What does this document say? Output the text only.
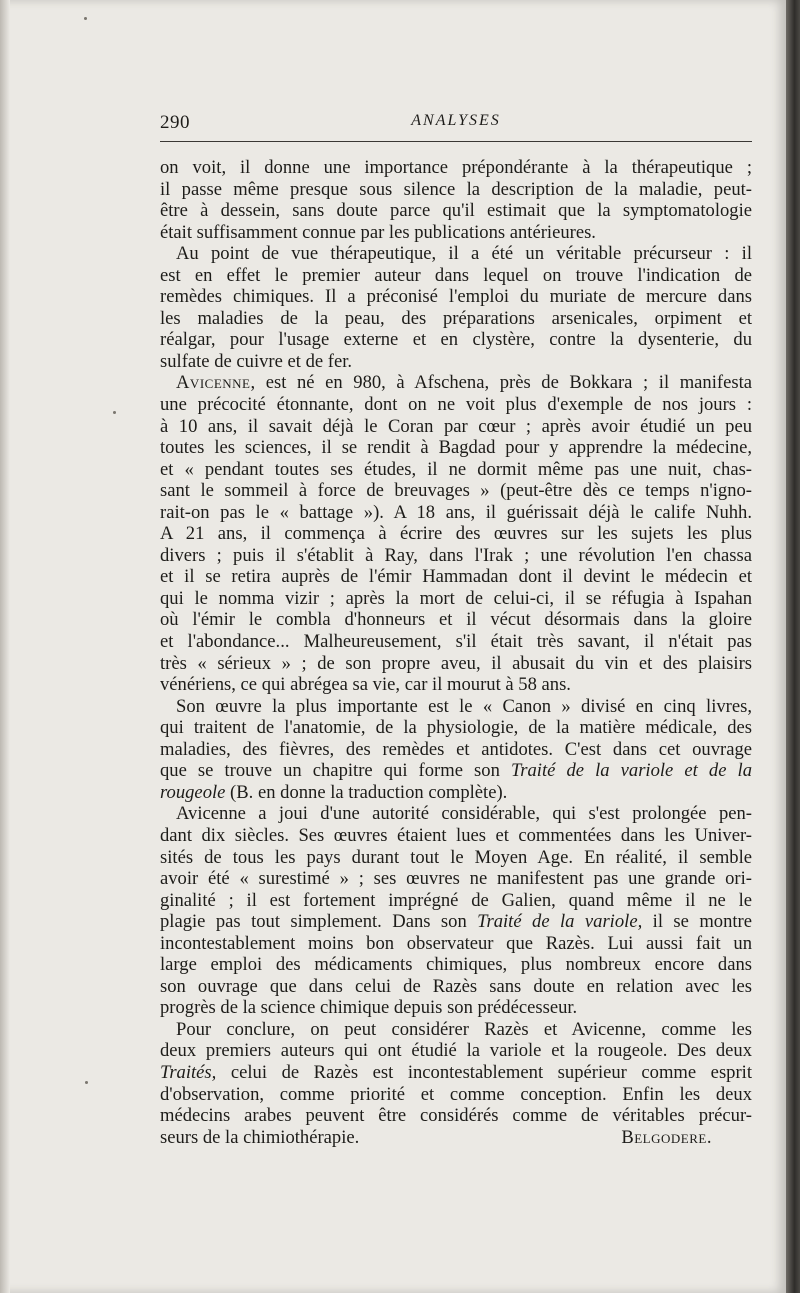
290	ANALYSES
on voit, il donne une importance prépondérante à la thérapeutique ;
il passe même presque sous silence la description de la maladie, peut-
être à dessein, sans doute parce qu'il estimait que la symptomatologie
était suffisamment connue par les publications antérieures.
Au point de vue thérapeutique, il a été un véritable précurseur : il
est en effet le premier auteur dans lequel on trouve l'indication de
remèdes chimiques. Il a préconisé l'emploi du muriate de mercure dans
les maladies de la peau, des préparations arsenicales, orpiment et
réalgar, pour l'usage externe et en clystère, contre la dysenterie, du
sulfate de cuivre et de fer.
Avicenne, est né en 980, à Afschena, près de Bokkara ; il manifesta
une précocité étonnante, dont on ne voit plus d'exemple de nos jours :
à 10 ans, il savait déjà le Coran par cœur ; après avoir étudié un peu
toutes les sciences, il se rendit à Bagdad pour y apprendre la médecine,
et « pendant toutes ses études, il ne dormit même pas une nuit, chas-
sant le sommeil à force de breuvages » (peut-être dès ce temps n'igno-
rait-on pas le « battage »). A 18 ans, il guérissait déjà le calife Nuhh.
A 21 ans, il commença à écrire des œuvres sur les sujets les plus
divers ; puis il s'établit à Ray, dans l'Irak ; une révolution l'en chassa
et il se retira auprès de l'émir Hammadan dont il devint le médecin et
qui le nomma vizir ; après la mort de celui-ci, il se réfugia à Ispahan
où l'émir le combla d'honneurs et il vécut désormais dans la gloire
et l'abondance... Malheureusement, s'il était très savant, il n'était pas
très « sérieux » ; de son propre aveu, il abusait du vin et des plaisirs
vénériens, ce qui abrégea sa vie, car il mourut à 58 ans.
Son œuvre la plus importante est le « Canon » divisé en cinq livres,
qui traitent de l'anatomie, de la physiologie, de la matière médicale, des
maladies, des fièvres, des remèdes et antidotes. C'est dans cet ouvrage
que se trouve un chapitre qui forme son Traité de la variole et de la
rougeole (B. en donne la traduction complète).
Avicenne a joui d'une autorité considérable, qui s'est prolongée pen-
dant dix siècles. Ses œuvres étaient lues et commentées dans les Univer-
sités de tous les pays durant tout le Moyen Age. En réalité, il semble
avoir été « surestimé » ; ses œuvres ne manifestent pas une grande ori-
ginalité ; il est fortement imprégné de Galien, quand même il ne le
plagie pas tout simplement. Dans son Traité de la variole, il se montre
incontestablement moins bon observateur que Razès. Lui aussi fait un
large emploi des médicaments chimiques, plus nombreux encore dans
son ouvrage que dans celui de Razès sans doute en relation avec les
progrès de la science chimique depuis son prédécesseur.
Pour conclure, on peut considérer Razès et Avicenne, comme les
deux premiers auteurs qui ont étudié la variole et la rougeole. Des deux
Traités, celui de Razès est incontestablement supérieur comme esprit
d'observation, comme priorité et comme conception. Enfin les deux
médecins arabes peuvent être considérés comme de véritables précur-
seurs de la chimiothérapie.	Belgodere.
